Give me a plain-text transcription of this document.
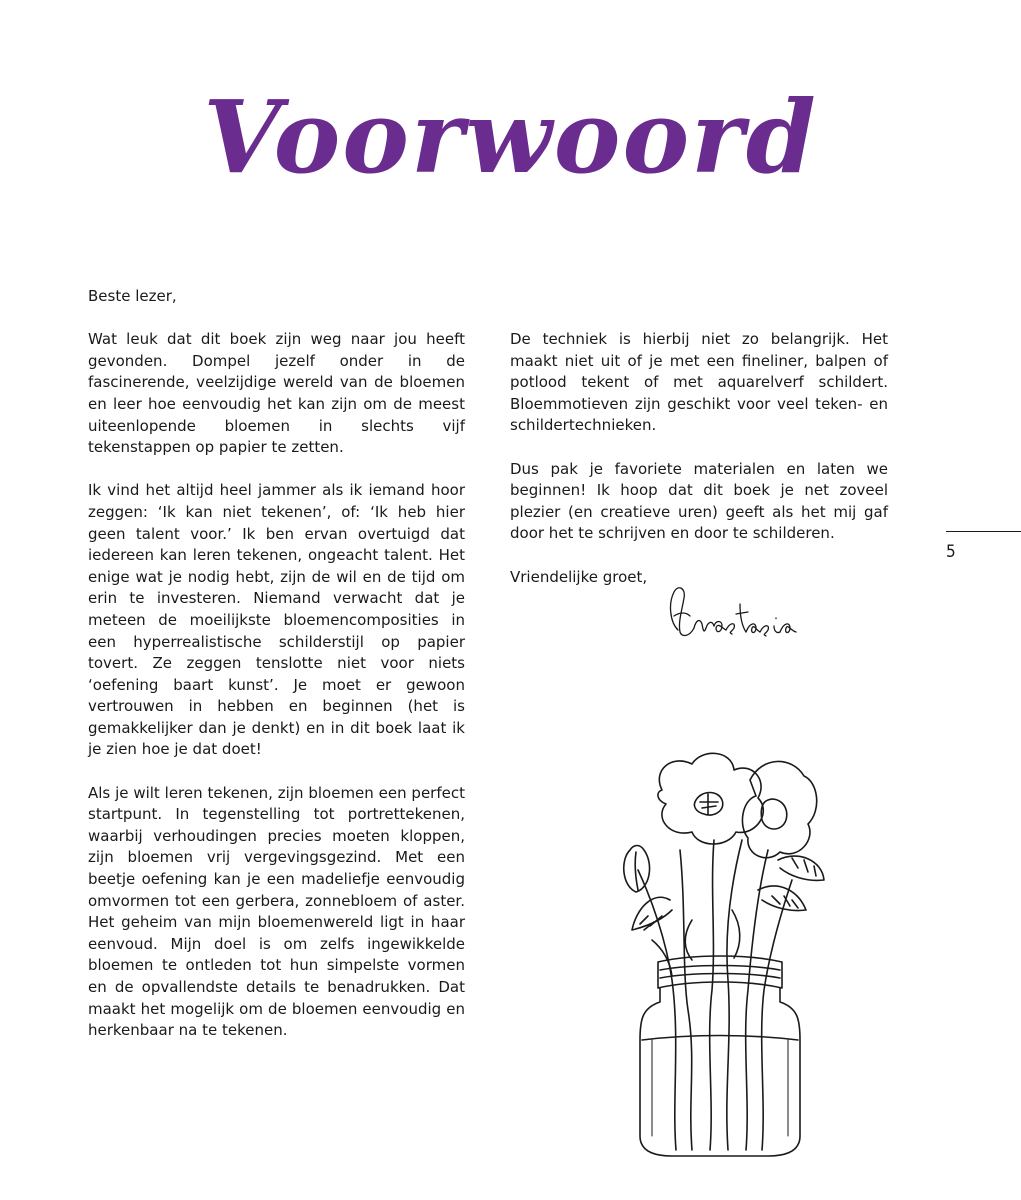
Voorwoord

Beste lezer,

Wat leuk dat dit boek zijn weg naar jou heeft gevonden. Dompel jezelf onder in de fascinerende, veelzijdige wereld van de bloemen en leer hoe eenvoudig het kan zijn om de meest uiteenlopende bloemen in slechts vijf tekenstappen op papier te zetten.

Ik vind het altijd heel jammer als ik iemand hoor zeggen: ‘Ik kan niet tekenen’, of: ‘Ik heb hier geen talent voor.’ Ik ben ervan overtuigd dat iedereen kan leren tekenen, ongeacht talent. Het enige wat je nodig hebt, zijn de wil en de tijd om erin te investeren. Niemand verwacht dat je meteen de moeilijkste bloemencomposities in een hyperrealistische schilderstijl op papier tovert. Ze zeggen tenslotte niet voor niets ‘oefening baart kunst’. Je moet er gewoon vertrouwen in hebben en beginnen (het is gemakkelijker dan je denkt) en in dit boek laat ik je zien hoe je dat doet!

Als je wilt leren tekenen, zijn bloemen een perfect startpunt. In tegenstelling tot portrettekenen, waarbij verhoudingen precies moeten kloppen, zijn bloemen vrij vergevingsgezind. Met een beetje oefening kan je een madeliefje eenvoudig omvormen tot een gerbera, zonnebloem of aster. Het geheim van mijn bloemenwereld ligt in haar eenvoud. Mijn doel is om zelfs ingewikkelde bloemen te ontleden tot hun simpelste vormen en de opvallendste details te benadrukken. Dat maakt het mogelijk om de bloemen eenvoudig en herkenbaar na te tekenen.

De techniek is hierbij niet zo belangrijk. Het maakt niet uit of je met een fineliner, balpen of potlood tekent of met aquarelverf schildert. Bloemmotieven zijn geschikt voor veel teken- en schildertechnieken.

Dus pak je favoriete materialen en laten we beginnen! Ik hoop dat dit boek je net zoveel plezier (en creatieve uren) geeft als het mij gaf door het te schrijven en door te schilderen.

Vriendelijke groet,

5
